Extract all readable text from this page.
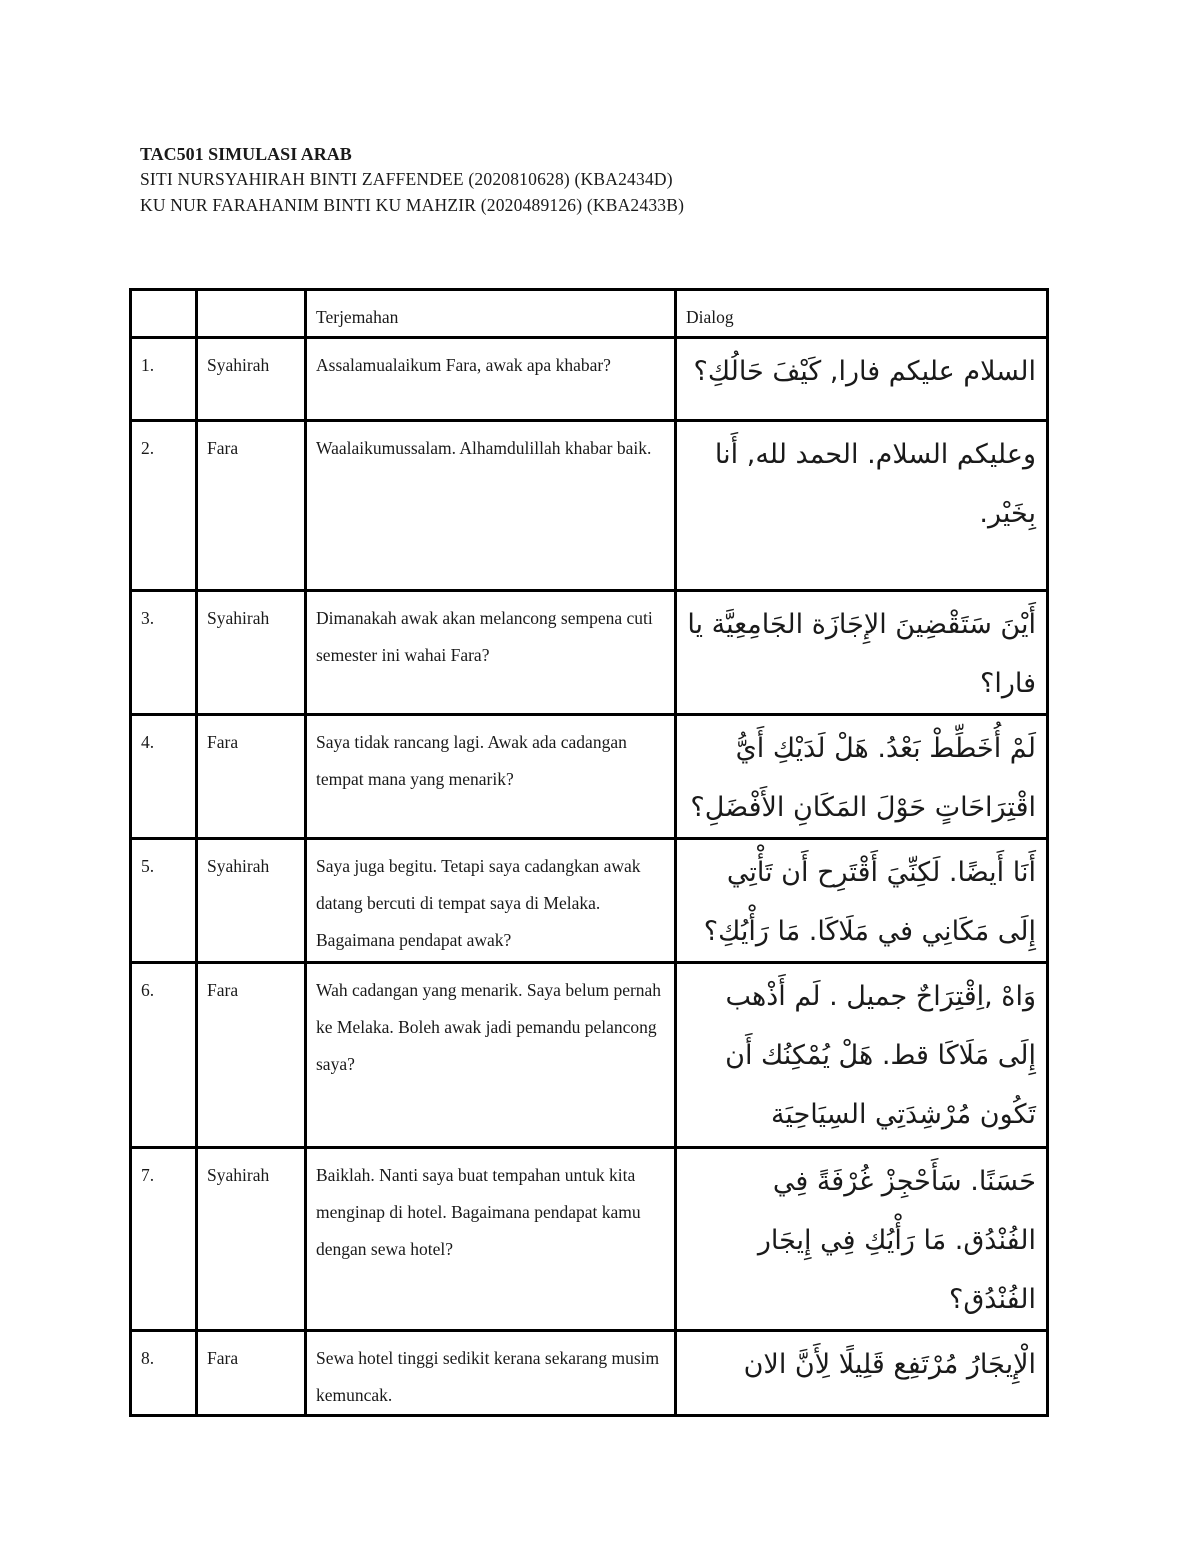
TAC501 SIMULASI ARAB

SITI NURSYAHIRAH BINTI ZAFFENDEE (2020810628) (KBA2434D)

KU NUR FARAHANIM BINTI KU MAHZIR (2020489126) (KBA2433B)

		Terjemahan	Dialog

1.	Syahirah	Assalamualaikum Fara, awak apa khabar?	السلام عليكم فارا, كَيْفَ حَالُكِ؟

2.	Fara	Waalaikumussalam. Alhamdulillah khabar baik.	وعليكم السلام. الحمد لله, أَنا بِخَيْر.

3.	Syahirah	Dimanakah awak akan melancong sempena cuti semester ini wahai Fara?	أَيْنَ سَتَقْضِينَ الإِجَازَة الجَامِعِيَّة يا فارا؟

4.	Fara	Saya tidak rancang lagi. Awak ada cadangan tempat mana yang menarik?	لَمْ أُخَطِّطْ بَعْدُ. هَلْ لَدَيْكِ أَيُّ اقْتِرَاحَاتٍ حَوْلَ المَكَانِ الأَفْضَلِ؟

5.	Syahirah	Saya juga begitu. Tetapi saya cadangkan awak datang bercuti di tempat saya di Melaka. Bagaimana pendapat awak?	أَنَا أَيضًا. لَكِنِّيَ أَقْتَرِح أَن تَأْتِي إِلَى مَكَانِي في مَلَاكَا. مَا رَأْيُكِ؟

6.	Fara	Wah cadangan yang menarik. Saya belum pernah ke Melaka. Boleh awak jadi pemandu pelancong saya?	وَاهْ ,اِقْتِرَاحٌ جميل . لَم أَذْهب إِلَى مَلَاكَا قط. هَلْ يُمْكِنُك أَن تَكُون مُرْشِدَتِي السِيَاحِيَة

7.	Syahirah	Baiklah. Nanti saya buat tempahan untuk kita menginap di hotel. Bagaimana pendapat kamu dengan sewa hotel?	حَسَنًا. سَأَحْجِزْ غُرْفَةً فِي الفُنْدُق. مَا رَأْيُكِ فِي إِيجَار الفُنْدُق؟

8.	Fara	Sewa hotel tinggi sedikit kerana sekarang musim kemuncak.	الْإِيجَارُ مُرْتَفِع قَلِيلًا لِأَنَّ الان
